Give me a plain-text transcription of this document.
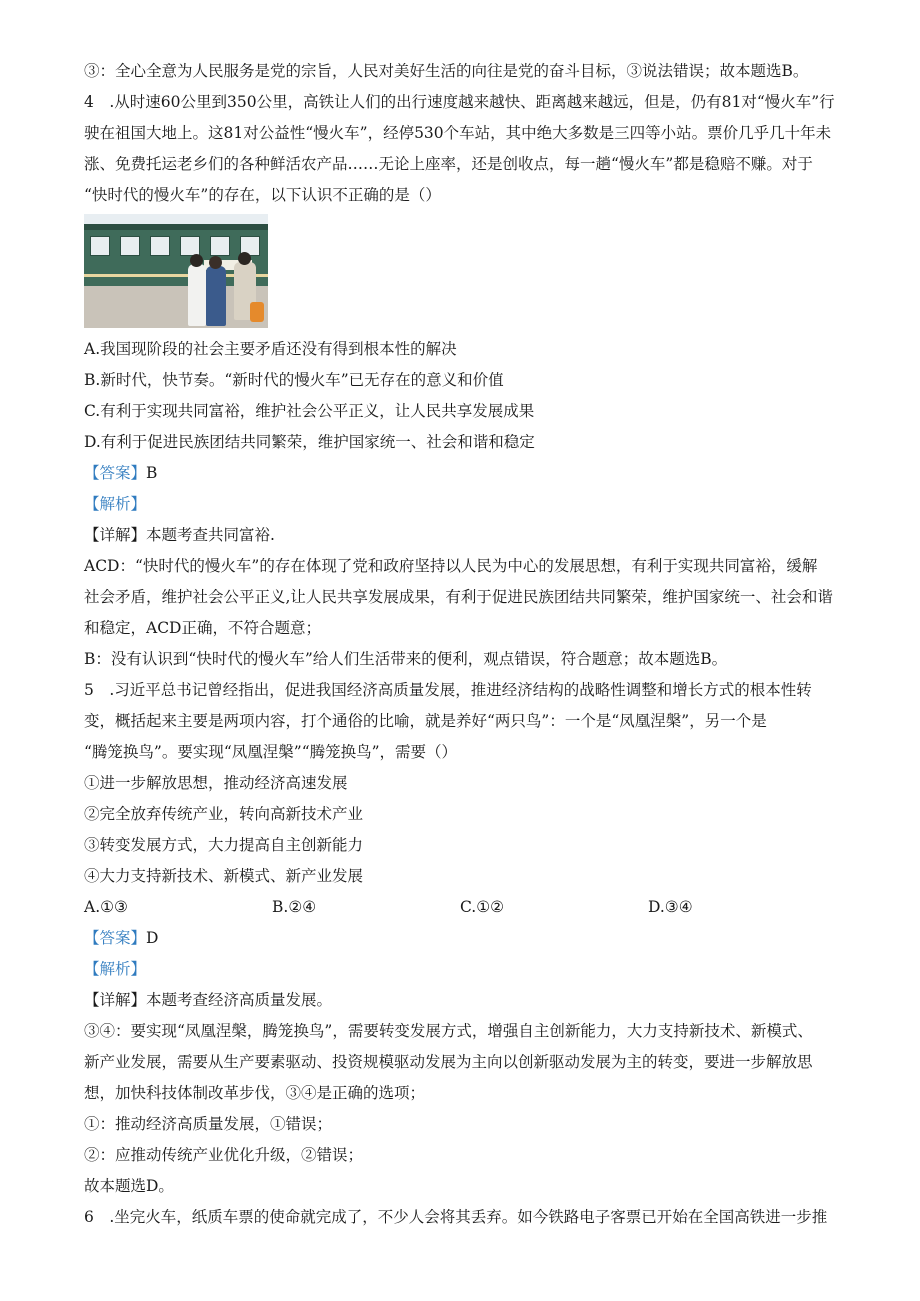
③：全心全意为人民服务是党的宗旨，人民对美好生活的向往是党的奋斗目标，③说法错误；故本题选B。
4　.从时速60公里到350公里，高铁让人们的出行速度越来越快、距离越来越远，但是，仍有81对“慢火车”行
驶在祖国大地上。这81对公益性“慢火车”，经停530个车站，其中绝大多数是三四等小站。票价几乎几十年未
涨、免费托运老乡们的各种鲜活农产品……无论上座率，还是创收点，每一趟“慢火车”都是稳赔不赚。对于
“快时代的慢火车”的存在，以下认识不正确的是（）
A.我国现阶段的社会主要矛盾还没有得到根本性的解决
B.新时代，快节奏。“新时代的慢火车”已无存在的意义和价值
C.有利于实现共同富裕，维护社会公平正义，让人民共享发展成果
D.有利于促进民族团结共同繁荣，维护国家统一、社会和谐和稳定
【答案】B
【解析】
【详解】本题考查共同富裕.
ACD：“快时代的慢火车”的存在体现了党和政府坚持以人民为中心的发展思想，有利于实现共同富裕，缓解
社会矛盾，维护社会公平正义,让人民共享发展成果，有利于促进民族团结共同繁荣，维护国家统一、社会和谐
和稳定，ACD正确，不符合题意；
B：没有认识到“快时代的慢火车”给人们生活带来的便利，观点错误，符合题意；故本题选B。
5　.习近平总书记曾经指出，促进我国经济高质量发展，推进经济结构的战略性调整和增长方式的根本性转
变，概括起来主要是两项内容，打个通俗的比喻，就是养好“两只鸟”：一个是“凤凰涅槃”，另一个是
“腾笼换鸟”。要实现“凤凰涅槃”“腾笼换鸟”，需要（）
①进一步解放思想，推动经济高速发展
②完全放弃传统产业，转向高新技术产业
③转变发展方式，大力提高自主创新能力
④大力支持新技术、新模式、新产业发展
A.①③	B.②④	C.①②	D.③④
【答案】D
【解析】
【详解】本题考查经济高质量发展。
③④：要实现“凤凰涅槃，腾笼换鸟”，需要转变发展方式，增强自主创新能力，大力支持新技术、新模式、
新产业发展，需要从生产要素驱动、投资规模驱动发展为主向以创新驱动发展为主的转变，要进一步解放思
想，加快科技体制改革步伐，③④是正确的选项；
①：推动经济高质量发展，①错误；
②：应推动传统产业优化升级，②错误；
故本题选D。
6　.坐完火车，纸质车票的使命就完成了，不少人会将其丢弃。如今铁路电子客票已开始在全国高铁进一步推
